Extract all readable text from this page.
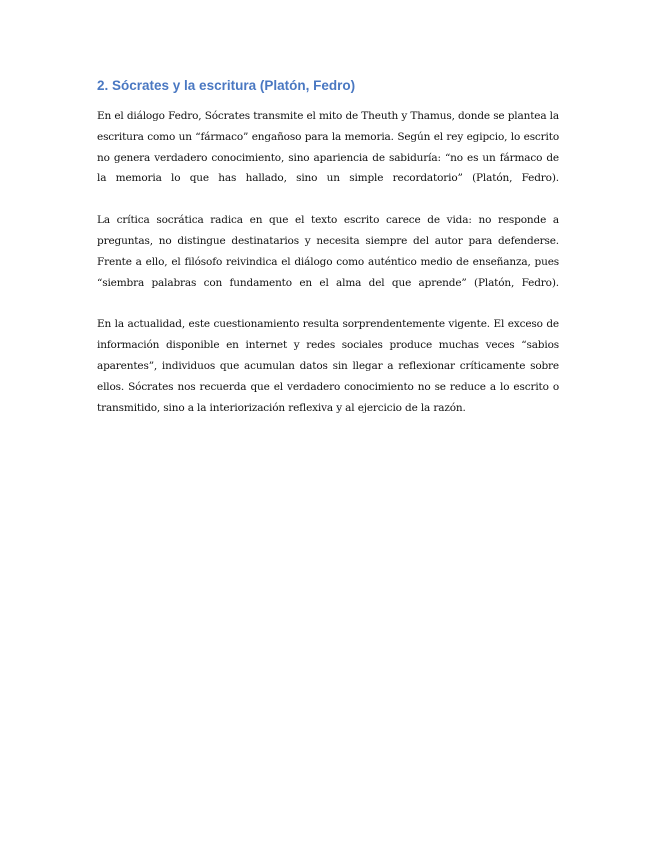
2. Sócrates y la escritura (Platón, Fedro)

En el diálogo Fedro, Sócrates transmite el mito de Theuth y Thamus, donde se plantea la escritura como un “fármaco” engañoso para la memoria. Según el rey egipcio, lo escrito no genera verdadero conocimiento, sino apariencia de sabiduría: “no es un fármaco de la memoria lo que has hallado, sino un simple recordatorio” (Platón, Fedro).

La crítica socrática radica en que el texto escrito carece de vida: no responde a preguntas, no distingue destinatarios y necesita siempre del autor para defenderse. Frente a ello, el filósofo reivindica el diálogo como auténtico medio de enseñanza, pues “siembra palabras con fundamento en el alma del que aprende” (Platón, Fedro).

En la actualidad, este cuestionamiento resulta sorprendentemente vigente. El exceso de información disponible en internet y redes sociales produce muchas veces “sabios aparentes”, individuos que acumulan datos sin llegar a reflexionar críticamente sobre ellos. Sócrates nos recuerda que el verdadero conocimiento no se reduce a lo escrito o transmitido, sino a la interiorización reflexiva y al ejercicio de la razón.
